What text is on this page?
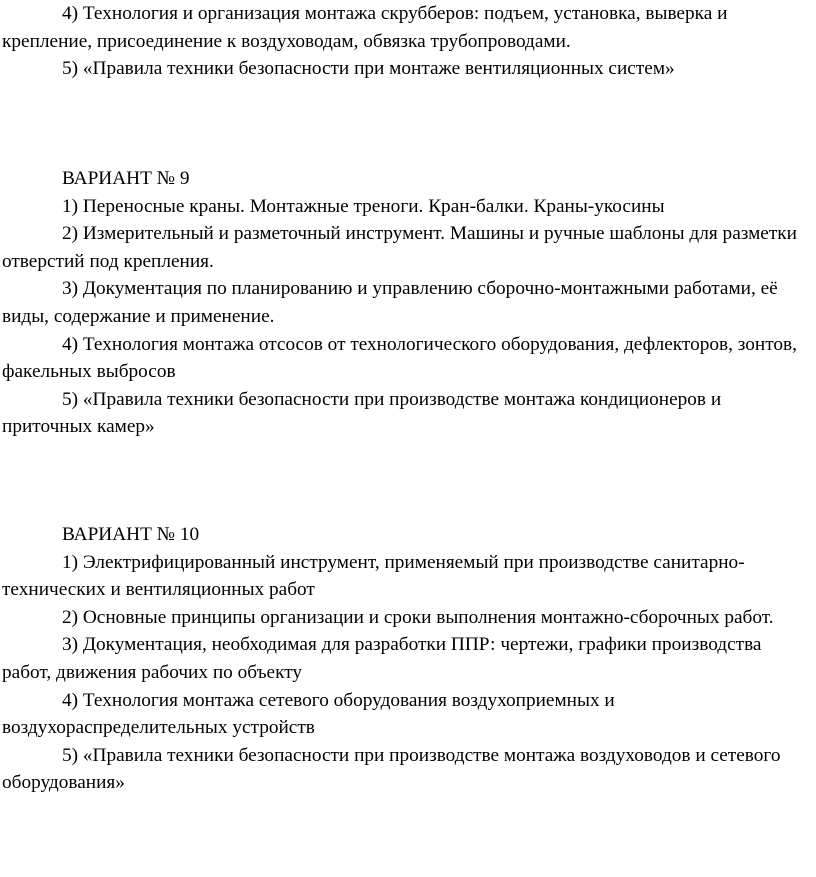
4) Технология и организация монтажа скрубберов: подъем, установка, выверка и крепление, присоединение к воздуховодам, обвязка трубопроводами.

5) «Правила техники безопасности при монтаже вентиляционных систем»

ВАРИАНТ № 9

1) Переносные краны. Монтажные треноги. Кран-балки. Краны-укосины

2) Измерительный и разметочный инструмент. Машины и ручные шаблоны для разметки отверстий под крепления.

3) Документация по планированию и управлению сборочно-монтажными работами, её виды, содержание и применение.

4) Технология монтажа отсосов от технологического оборудования, дефлекторов, зонтов, факельных выбросов

5) «Правила техники безопасности при производстве монтажа кондиционеров и приточных камер»

ВАРИАНТ № 10

1) Электрифицированный инструмент, применяемый при производстве санитарно-технических и вентиляционных работ

2) Основные принципы организации и сроки выполнения монтажно-сборочных работ.

3) Документация, необходимая для разработки ППР: чертежи, графики производства работ, движения рабочих по объекту

4) Технология монтажа сетевого оборудования воздухоприемных и воздухораспределительных устройств

5) «Правила техники безопасности при производстве монтажа воздуховодов и сетевого оборудования»
